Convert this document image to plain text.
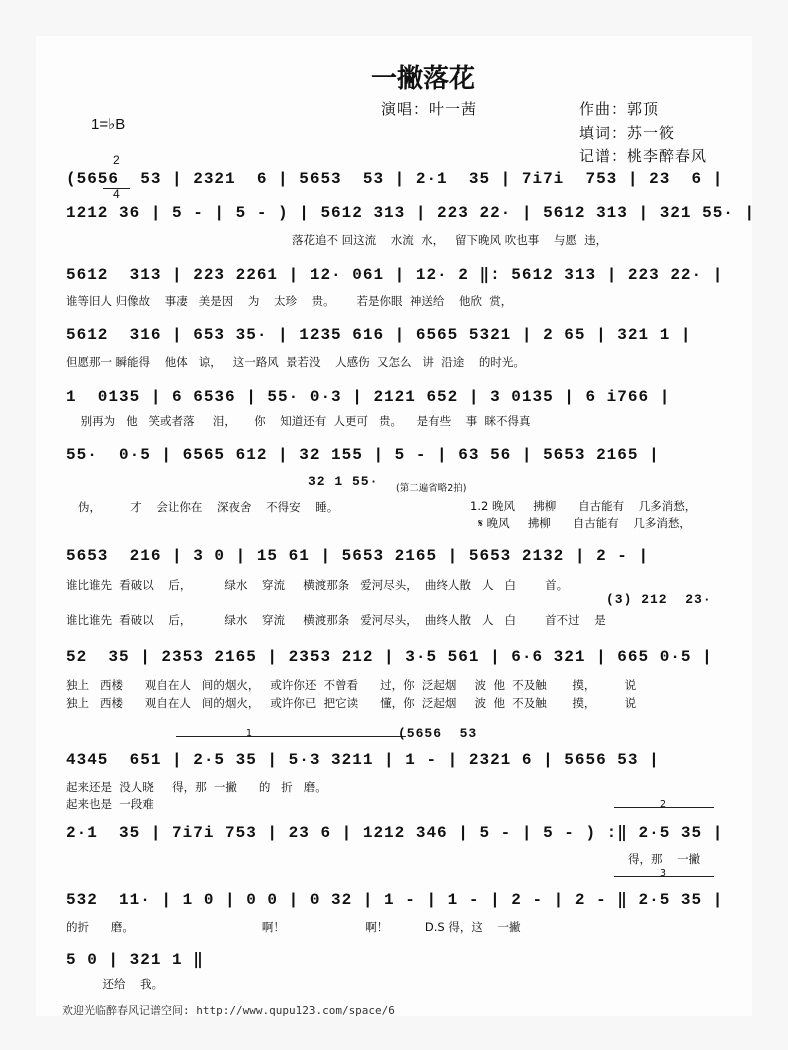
一撇落花

1=♭B

$\frac{2}{4}$

演唱：叶一茜	作曲：郭顶
填词：苏一筱
记谱：桃李醉春风
(5656  53 | 2321  6 | 5653  53 | 2·1  35 | 7i7i  753 | 23  6 |
1212 36 | 5 - | 5 - ) | 5612 313 | 223 22· | 5612 313 | 321 55· |
落花追不 回这流    水流  水，   留下晚风 吹也事    与愿  违，
5612  313 | 223 2261 | 12· 061 | 12· 2 ‖: 5612 313 | 223 22· |
谁等旧人 归像故    事凄   美是因    为    太珍    贵。      若是你眼  神送给    他欣  赏，
5612  316 | 653 35· | 1235 616 | 6565 5321 | 2 65 | 321 1 |
但愿那一 瞬能得    他体   谅，   这一路风  景若没    人感伤  又怎么   讲  沿途    的时光。
1  0135 | 6 6536 | 55· 0·3 | 2121 652 | 3 0135 | 6 i766 |
别再为   他   笑或者落     泪，     你    知道还有  人更可   贵。    是有些    事  眯不得真
55·  0·5 | 6565 612 | 32 155 | 5 - | 63 56 | 5653 2165 |
32 1 55· (第二遍省略2拍)
伪，        才    会让你在    深夜舍    不得安    睡。	1.2 晚风     拂柳      自古能有    几多消愁，
𝄋 晚风     拂柳      自古能有    几多消愁，
5653  216 | 3 0 | 15 61 | 5653 2165 | 5653 2132 | 2 - |
谁比谁先  看破以    后，         绿水    穿流     横渡那条   爱河尽头，  曲终人散   人   白        首。
(3) 212  23·
谁比谁先  看破以    后，         绿水    穿流     横渡那条   爱河尽头，  曲终人散   人   白        首不过    是
52  35 | 2353 2165 | 2353 212 | 3·5 561 | 6·6 321 | 665 0·5 |
独上   西楼      观自在人   间的烟火，   或许你还  不曾看      过，你  泛起烟     波  他  不及触       摸，        说
独上   西楼      观自在人   间的烟火，   或许你已  把它读      懂，你  泛起烟     波  他  不及触       摸，        说
1	(5656  53
4345  651 | 2·5 35 | 5·3 3211 | 1 - | 2321 6 | 5656 53 |
起来还是  没人晓     得，那  一撇      的   折   磨。
起来也是  一段难	2
2·1  35 | 7i7i 753 | 23 6 | 1212 346 | 5 - | 5 - ) :‖ 2·5 35 |
得，那    一撇
3
532  11· | 1 0 | 0 0 | 0 32 | 1 - | 1 - | 2 - | 2 - ‖ 2·5 35 |
的折      磨。                                   啊！                      啊！          D.S 得，这    一撇
5 0 | 321 1 ‖
还给    我。
欢迎光临醉春风记谱空间: http://www.qupu123.com/space/6
